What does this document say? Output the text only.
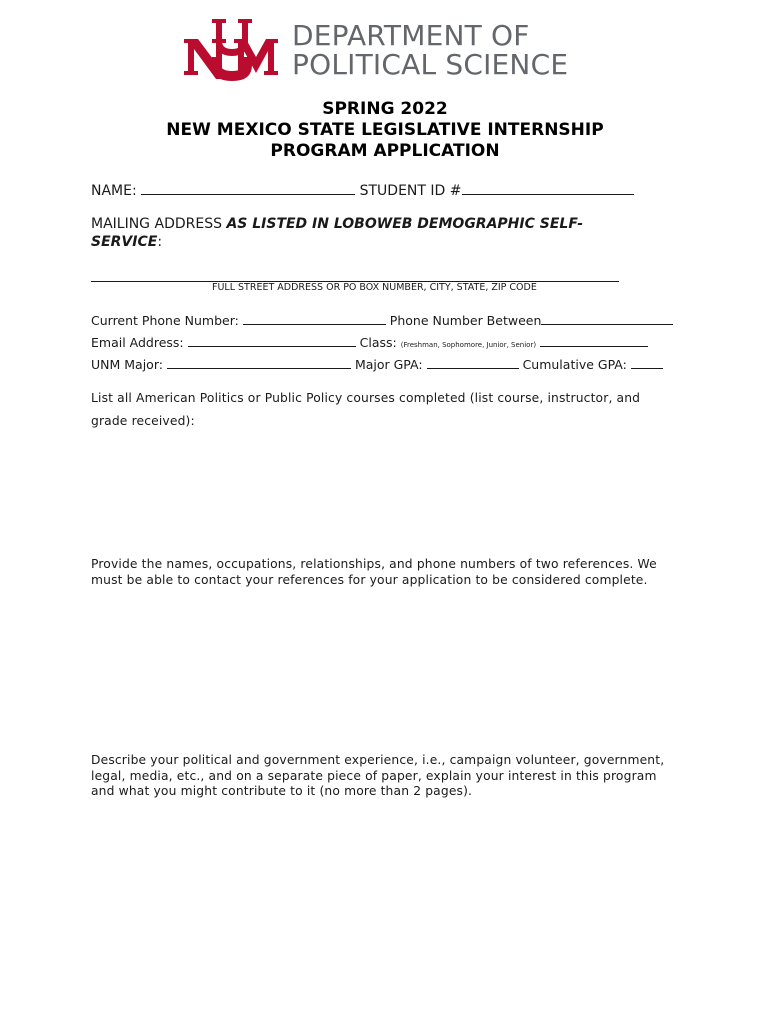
DEPARTMENT OF
POLITICAL SCIENCE
SPRING 2022
NEW MEXICO STATE LEGISLATIVE INTERNSHIP
PROGRAM APPLICATION
NAME:	STUDENT ID #
MAILING ADDRESS AS LISTED IN LOBOWEB DEMOGRAPHIC SELF-
SERVICE:
FULL STREET ADDRESS OR PO BOX NUMBER, CITY, STATE, ZIP CODE
Current Phone Number:	Phone Number Between
Email Address:	Class: (Freshman, Sophomore, Junior, Senior)
UNM Major:	Major GPA:	Cumulative GPA:
List all American Politics or Public Policy courses completed (list course, instructor, and
grade received):
Provide the names, occupations, relationships, and phone numbers of two references. We must be able to contact your references for your application to be considered complete.
Describe your political and government experience, i.e., campaign volunteer, government, legal, media, etc., and on a separate piece of paper, explain your interest in this program and what you might contribute to it (no more than 2 pages).
